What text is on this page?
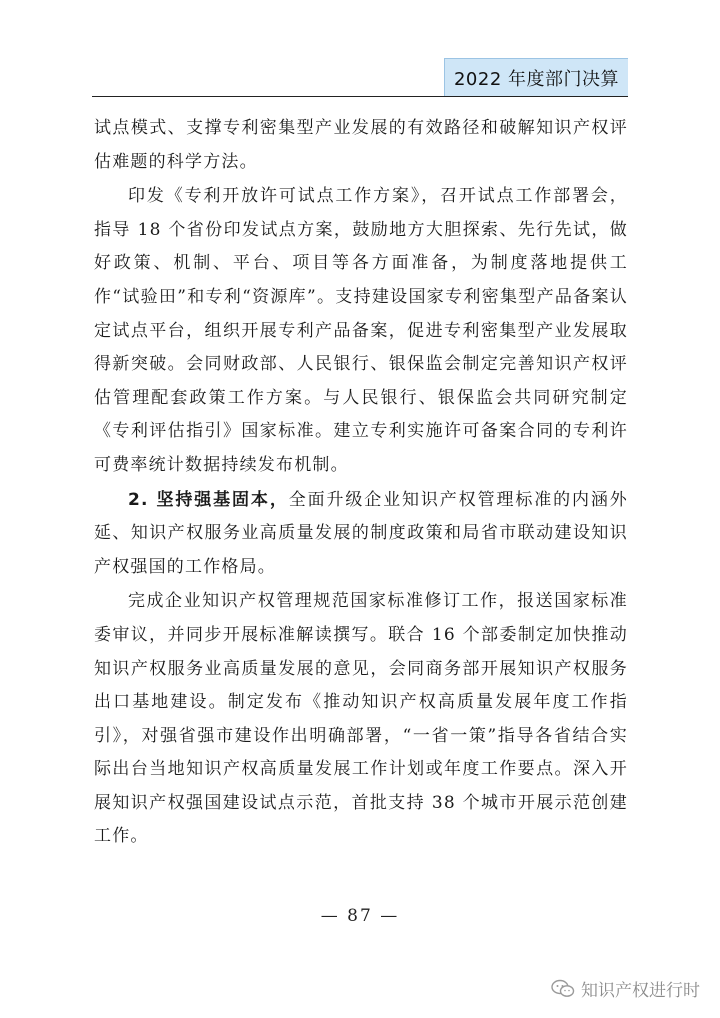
2022 年度部门决算

试点模式、支撑专利密集型产业发展的有效路径和破解知识产权评估难题的科学方法。

印发《专利开放许可试点工作方案》，召开试点工作部署会，指导 18 个省份印发试点方案，鼓励地方大胆探索、先行先试，做好政策、机制、平台、项目等各方面准备，为制度落地提供工作“试验田”和专利“资源库”。支持建设国家专利密集型产品备案认定试点平台，组织开展专利产品备案，促进专利密集型产业发展取得新突破。会同财政部、人民银行、银保监会制定完善知识产权评估管理配套政策工作方案。与人民银行、银保监会共同研究制定《专利评估指引》国家标准。建立专利实施许可备案合同的专利许可费率统计数据持续发布机制。

2. 坚持强基固本，全面升级企业知识产权管理标准的内涵外延、知识产权服务业高质量发展的制度政策和局省市联动建设知识产权强国的工作格局。

完成企业知识产权管理规范国家标准修订工作，报送国家标准委审议，并同步开展标准解读撰写。联合 16 个部委制定加快推动知识产权服务业高质量发展的意见，会同商务部开展知识产权服务出口基地建设。制定发布《推动知识产权高质量发展年度工作指引》，对强省强市建设作出明确部署，“一省一策”指导各省结合实际出台当地知识产权高质量发展工作计划或年度工作要点。深入开展知识产权强国建设试点示范，首批支持 38 个城市开展示范创建工作。

— 87 —
知识产权进行时
